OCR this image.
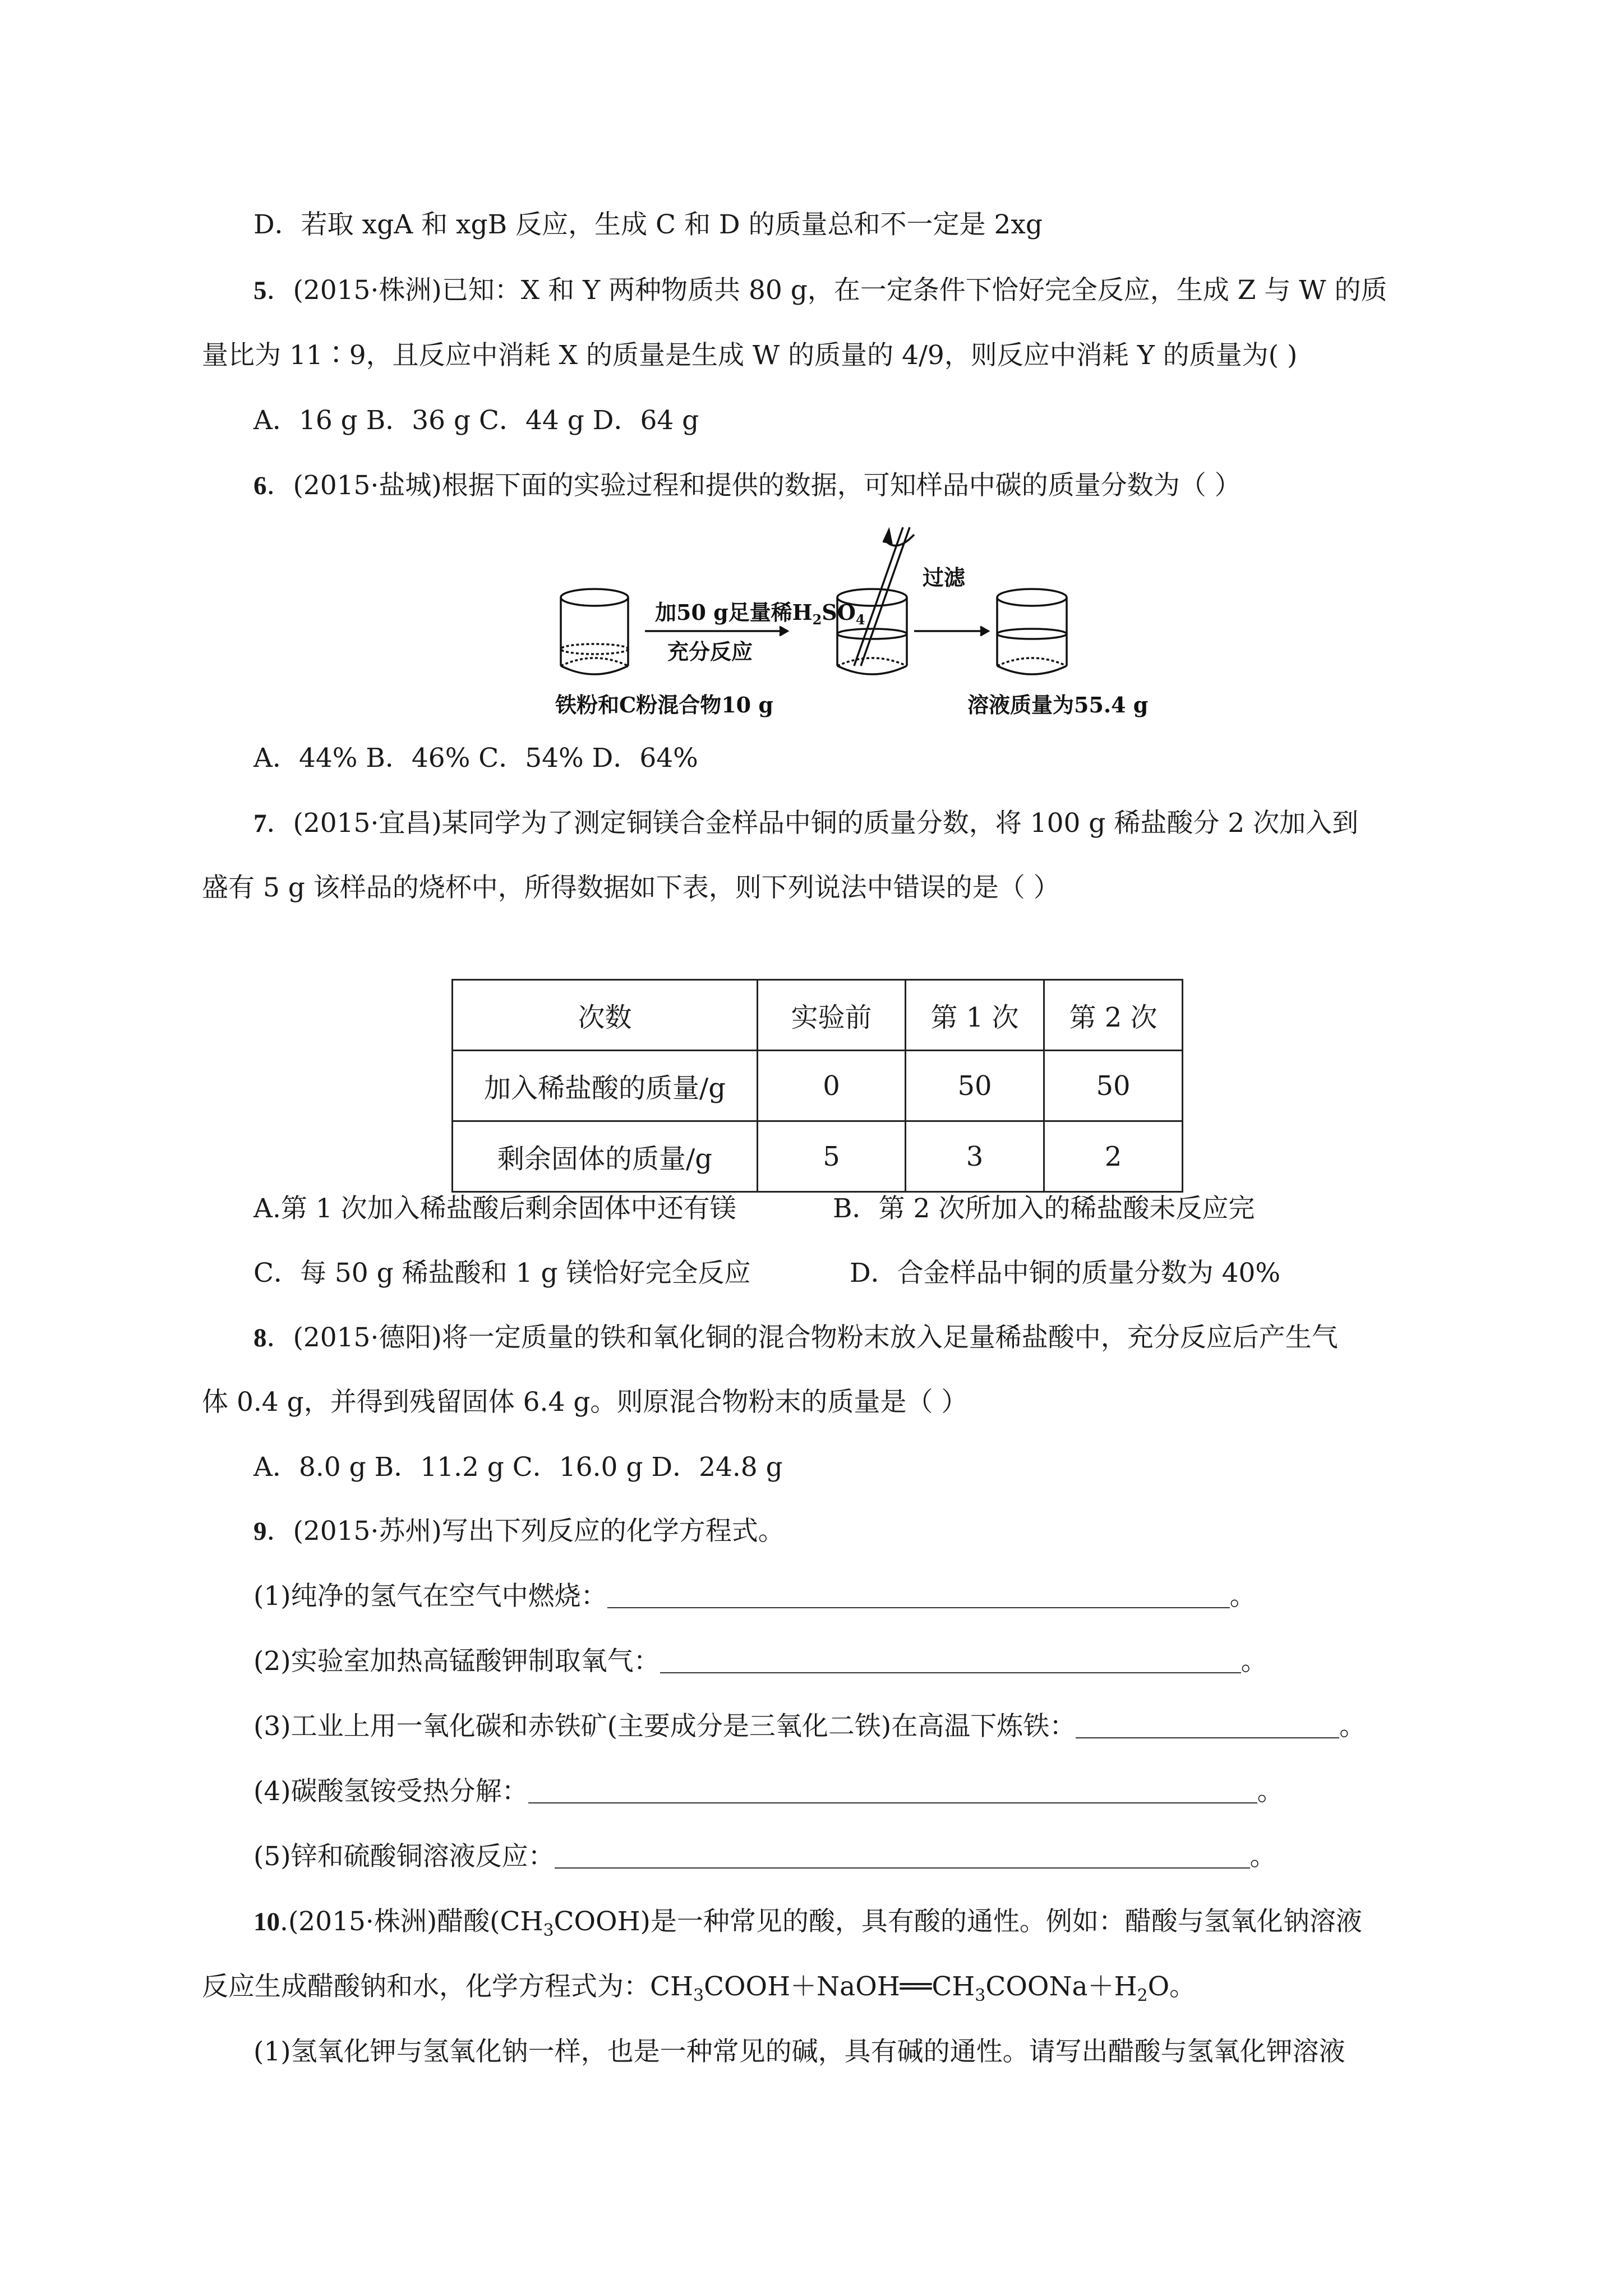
D．若取 xgA 和 xgB 反应，生成 C 和 D 的质量总和不一定是 2xg
5．(2015·株洲)已知：X 和 Y 两种物质共 80 g，在一定条件下恰好完全反应，生成 Z 与 W 的质
量比为 11∶9，且反应中消耗 X 的质量是生成 W 的质量的 4/9，则反应中消耗 Y 的质量为( )
A．16 g B．36 g C．44 g D．64 g
6．(2015·盐城)根据下面的实验过程和提供的数据，可知样品中碳的质量分数为（ ）
加50 g足量稀$H_2SO_4$
充分反应
过滤
铁粉和C粉混合物10 g	溶液质量为55.4 g
A．44% B．46% C．54% D．64%
7．(2015·宜昌)某同学为了测定铜镁合金样品中铜的质量分数，将 100 g 稀盐酸分 2 次加入到
盛有 5 g 该样品的烧杯中，所得数据如下表，则下列说法中错误的是（ ）
次数	实验前	第 1 次	第 2 次
加入稀盐酸的质量/g	0	50	50
剩余固体的质量/g	5	3	2
A.第 1 次加入稀盐酸后剩余固体中还有镁	B．第 2 次所加入的稀盐酸未反应完
C．每 50 g 稀盐酸和 1 g 镁恰好完全反应	D．合金样品中铜的质量分数为 40%
8．(2015·德阳)将一定质量的铁和氧化铜的混合物粉末放入足量稀盐酸中，充分反应后产生气
体 0.4 g，并得到残留固体 6.4 g。则原混合物粉末的质量是（ ）
A．8.0 g B．11.2 g C．16.0 g D．24.8 g
9．(2015·苏州)写出下列反应的化学方程式。
(1)纯净的氢气在空气中燃烧：	。
(2)实验室加热高锰酸钾制取氧气：	。
(3)工业上用一氧化碳和赤铁矿(主要成分是三氧化二铁)在高温下炼铁：	。
(4)碳酸氢铵受热分解：	。
(5)锌和硫酸铜溶液反应：	。
10.(2015·株洲)醋酸$(CH_3COOH)$是一种常见的酸，具有酸的通性。例如：醋酸与氢氧化钠溶液
反应生成醋酸钠和水，化学方程式为：$CH_3COOH+NaOH══CH_3COONa+H_2O$。
(1)氢氧化钾与氢氧化钠一样，也是一种常见的碱，具有碱的通性。请写出醋酸与氢氧化钾溶液
